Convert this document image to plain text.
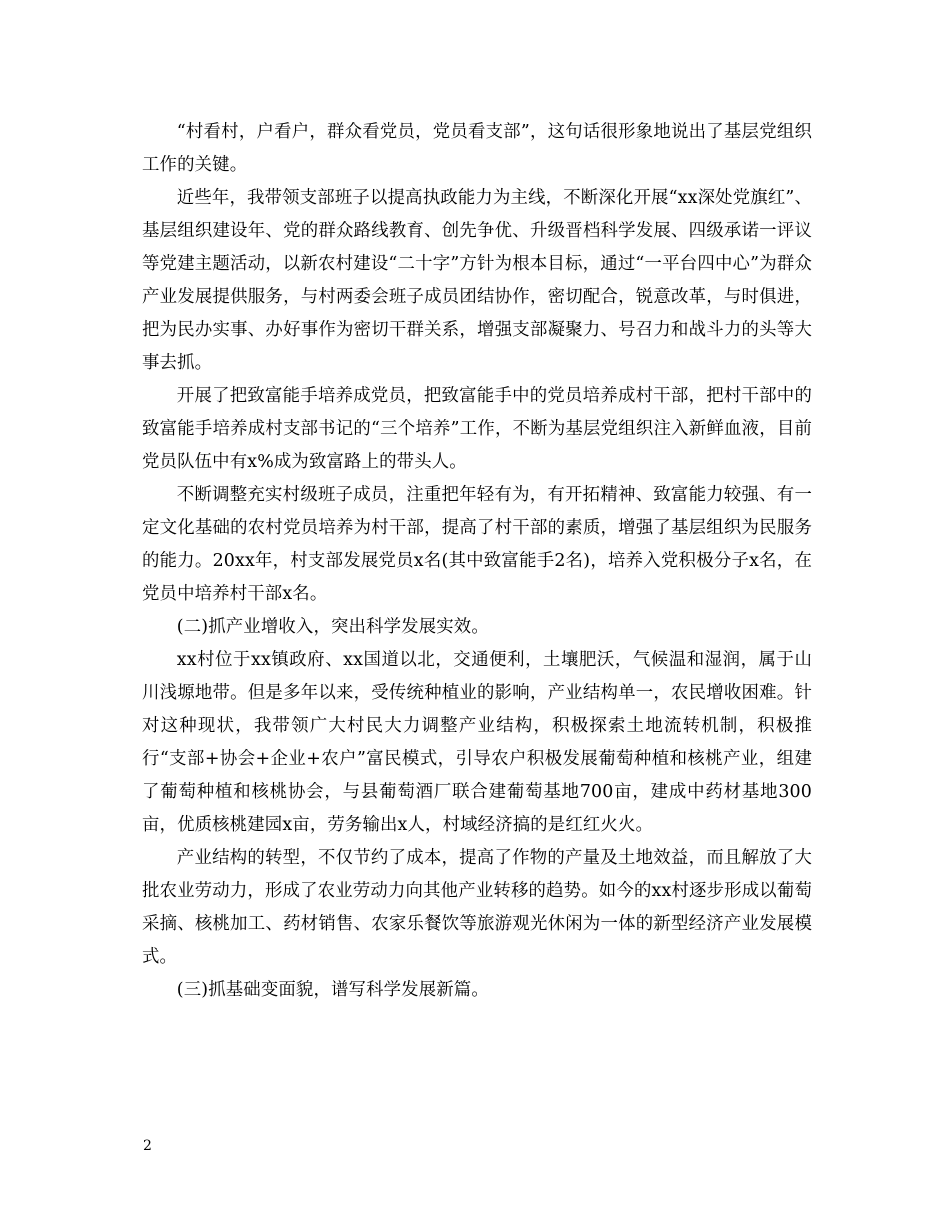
“村看村，户看户，群众看党员，党员看支部”，这句话很形象地说出了基层党组织工作的关键。

近些年，我带领支部班子以提高执政能力为主线，不断深化开展“xx深处党旗红”、基层组织建设年、党的群众路线教育、创先争优、升级晋档科学发展、四级承诺一评议等党建主题活动，以新农村建设“二十字”方针为根本目标，通过“一平台四中心”为群众产业发展提供服务，与村两委会班子成员团结协作，密切配合，锐意改革，与时俱进，把为民办实事、办好事作为密切干群关系，增强支部凝聚力、号召力和战斗力的头等大事去抓。

开展了把致富能手培养成党员，把致富能手中的党员培养成村干部，把村干部中的致富能手培养成村支部书记的“三个培养”工作，不断为基层党组织注入新鲜血液，目前党员队伍中有x%成为致富路上的带头人。

不断调整充实村级班子成员，注重把年轻有为，有开拓精神、致富能力较强、有一定文化基础的农村党员培养为村干部，提高了村干部的素质，增强了基层组织为民服务的能力。20xx年，村支部发展党员x名(其中致富能手2名)，培养入党积极分子x名，在党员中培养村干部x名。

(二)抓产业增收入，突出科学发展实效。

xx村位于xx镇政府、xx国道以北，交通便利，土壤肥沃，气候温和湿润，属于山川浅塬地带。但是多年以来，受传统种植业的影响，产业结构单一，农民增收困难。针对这种现状，我带领广大村民大力调整产业结构，积极探索土地流转机制，积极推行“支部+协会+企业+农户”富民模式，引导农户积极发展葡萄种植和核桃产业，组建了葡萄种植和核桃协会，与县葡萄酒厂联合建葡萄基地700亩，建成中药材基地300亩，优质核桃建园x亩，劳务输出x人，村域经济搞的是红红火火。

产业结构的转型，不仅节约了成本，提高了作物的产量及土地效益，而且解放了大批农业劳动力，形成了农业劳动力向其他产业转移的趋势。如今的xx村逐步形成以葡萄采摘、核桃加工、药材销售、农家乐餐饮等旅游观光休闲为一体的新型经济产业发展模式。

(三)抓基础变面貌，谱写科学发展新篇。

2
